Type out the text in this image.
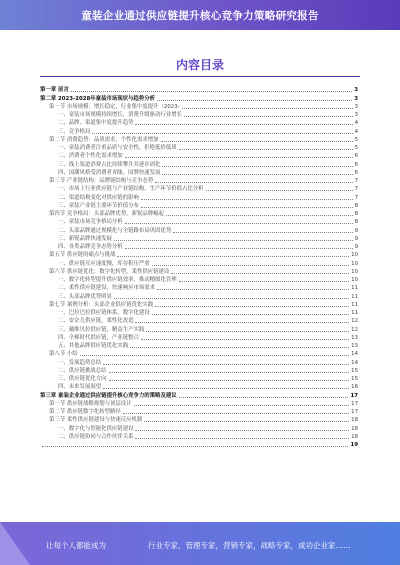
童装企业通过供应链提升核心竞争力策略研究报告
内容目录
第一章 前言	3
第二章 2023-2028年童装市场现状与趋势分析	3
第一节 市场规模：增长稳定，行业集中度提升（2023-	3
一、童装市场规模持续增长，消费升级驱动行业增长	3
二、品牌、渠道集中度提升趋势	4
三、竞争格局	4
第二节 消费趋势：品质需求，个性化需求增加	5
一、童装消费者注重品质与安全性，拒绝低价低质	5
二、消费者个性化需求增加	6
三、线上渠道消费占比持续攀升并逐步固化	6
四、国潮风格受消费者青睐，国牌快速发展	6
第三节 产业链结构：品牌链结构与竞争态势	7
一、市场上行业供应链与产业链结构，生产环节价值占比分析	7
二、渠道结构变化对供应链的影响	7
三、童装产业链主要环节价值分布	8
第四节 竞争格局：头部品牌优势，新锐品牌崛起	8
一、童装市场竞争格局分析	8
二、头部品牌通过规模化与全链路布局巩固优势	9
三、新锐品牌快速发展	9
四、各类品牌竞争态势分析	9
第五节 供应链的痛点与挑战	10
一、供应链反应速度慢，库存积压严重	10
第六节 供应链优化：数字化转型，柔性供应链建设	10
一、数字化转型提升供应链效率，推动精细化管理	10
二、柔性供应链建设，快速响应市场需求	11
三、头部品牌优势明显	11
第七节 案例分析：头部企业供应链优化实践	11
一、巴拉巴拉供应链体系，数字化建设	11
二、安奈儿供应链，柔性化改造	12
三、戴维贝拉供应链，精益生产实践	12
四、全棉时代供应链，产业链整合	13
五、其他品牌供应链优化实践	13
第八节 小结	14
一、发展趋势总结	14
二、供应链挑战总结	15
三、供应链优化方向	15
四、未来发展展望	16
第三章 童装企业通过供应链提升核心竞争力的策略及建议	17
第一节 供应链战略规划与顶层设计	17
第二节 供应链数字化转型路径	17
第三节 柔性供应链建设与快速反应机制	18
一、数字化与智能化供应链建设	18
二、供应链协同与合作伙伴关系	18
19
让每个人都能成为	行业专家，管理专家，营销专家，战略专家，成功企业家……
